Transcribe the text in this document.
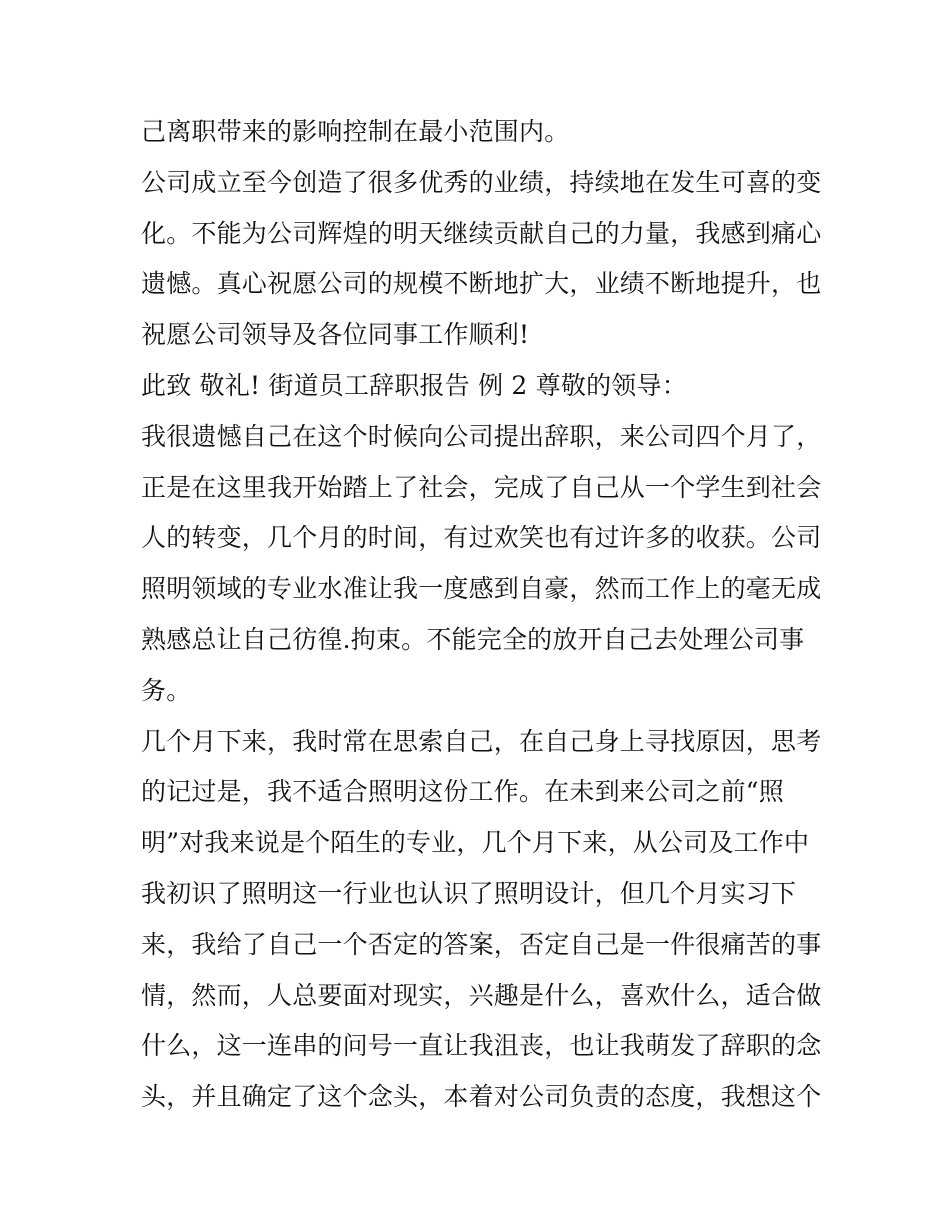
己离职带来的影响控制在最小范围内。
公司成立至今创造了很多优秀的业绩，持续地在发生可喜的变
化。不能为公司辉煌的明天继续贡献自己的力量，我感到痛心
遗憾。真心祝愿公司的规模不断地扩大，业绩不断地提升，也
祝愿公司领导及各位同事工作顺利!
此致 敬礼! 街道员工辞职报告 例 2 尊敬的领导：
我很遗憾自己在这个时候向公司提出辞职，来公司四个月了，
正是在这里我开始踏上了社会，完成了自己从一个学生到社会
人的转变，几个月的时间，有过欢笑也有过许多的收获。公司
照明领域的专业水准让我一度感到自豪，然而工作上的毫无成
熟感总让自己彷徨.拘束。不能完全的放开自己去处理公司事
务。
几个月下来，我时常在思索自己，在自己身上寻找原因，思考
的记过是，我不适合照明这份工作。在未到来公司之前“照
明”对我来说是个陌生的专业，几个月下来，从公司及工作中
我初识了照明这一行业也认识了照明设计，但几个月实习下
来，我给了自己一个否定的答案，否定自己是一件很痛苦的事
情，然而，人总要面对现实，兴趣是什么，喜欢什么，适合做
什么，这一连串的问号一直让我沮丧，也让我萌发了辞职的念
头，并且确定了这个念头，本着对公司负责的态度，我想这个
